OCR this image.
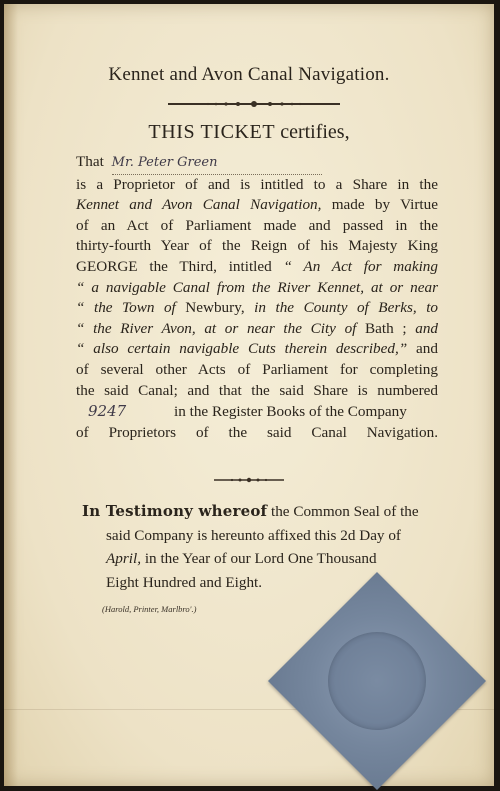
Kennet and Avon Canal Navigation.
THIS TICKET certifies,
That Mr. Peter Green
is a Proprietor of and is intitled to a Share in the
Kennet and Avon Canal Navigation, made by Virtue
of an Act of Parliament made and passed in the
thirty-fourth Year of the Reign of his Majesty King
GEORGE the Third, intitled “ An Act for making
“ a navigable Canal from the River Kennet, at or near
“ the Town of Newbury, in the County of Berks, to
“ the River Avon, at or near the City of Bath ; and
“ also certain navigable Cuts therein described,” and
of several other Acts of Parliament for completing
the said Canal; and that the said Share is numbered
9247	in the Register Books of the Company
of Proprietors of the said Canal Navigation.
In Testimony whereof the Common Seal of the
said Company is hereunto affixed this 2d Day of
April, in the Year of our Lord One Thousand
Eight Hundred and Eight.
(Harold, Printer, Marlbro'.)
